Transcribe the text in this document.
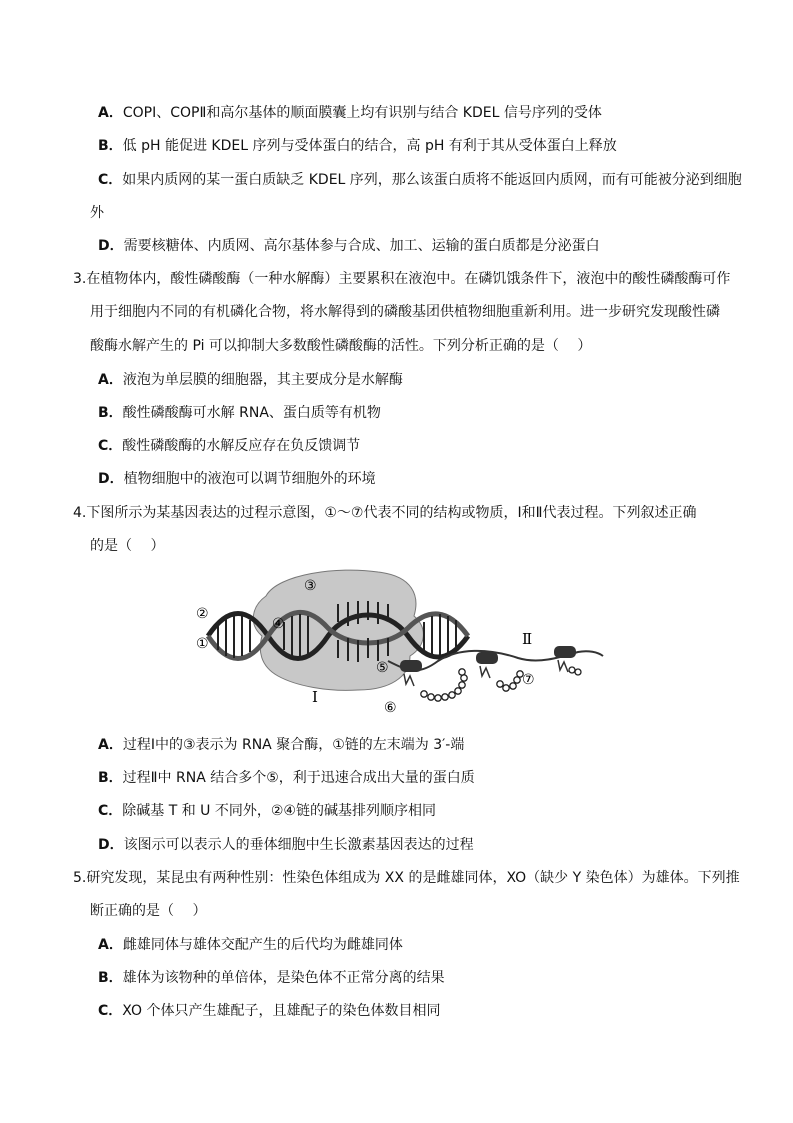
A．COPⅠ、COPⅡ和高尔基体的顺面膜囊上均有识别与结合 KDEL 信号序列的受体
B．低 pH 能促进 KDEL 序列与受体蛋白的结合，高 pH 有利于其从受体蛋白上释放
C．如果内质网的某一蛋白质缺乏 KDEL 序列，那么该蛋白质将不能返回内质网，而有可能被分泌到细胞
外
D．需要核糖体、内质网、高尔基体参与合成、加工、运输的蛋白质都是分泌蛋白
3.在植物体内，酸性磷酸酶（一种水解酶）主要累积在液泡中。在磷饥饿条件下，液泡中的酸性磷酸酶可作
用于细胞内不同的有机磷化合物，将水解得到的磷酸基团供植物细胞重新利用。进一步研究发现酸性磷
酸酶水解产生的 Pi 可以抑制大多数酸性磷酸酶的活性。下列分析正确的是（　 ）
A．液泡为单层膜的细胞器，其主要成分是水解酶
B．酸性磷酸酶可水解 RNA、蛋白质等有机物
C．酸性磷酸酶的水解反应存在负反馈调节
D．植物细胞中的液泡可以调节细胞外的环境
4.下图所示为某基因表达的过程示意图，①～⑦代表不同的结构或物质，Ⅰ和Ⅱ代表过程。下列叙述正确
的是（　 ）
②
①
③
④
⑤
⑥
⑦
Ⅰ
Ⅱ
A．过程Ⅰ中的③表示为 RNA 聚合酶，①链的左末端为 3′-端
B．过程Ⅱ中 RNA 结合多个⑤，利于迅速合成出大量的蛋白质
C．除碱基 T 和 U 不同外，②④链的碱基排列顺序相同
D．该图示可以表示人的垂体细胞中生长激素基因表达的过程
5.研究发现，某昆虫有两种性别：性染色体组成为 XX 的是雌雄同体，XO（缺少 Y 染色体）为雄体。下列推
断正确的是（　 ）
A．雌雄同体与雄体交配产生的后代均为雌雄同体
B．雄体为该物种的单倍体，是染色体不正常分离的结果
C．XO 个体只产生雄配子，且雄配子的染色体数目相同
